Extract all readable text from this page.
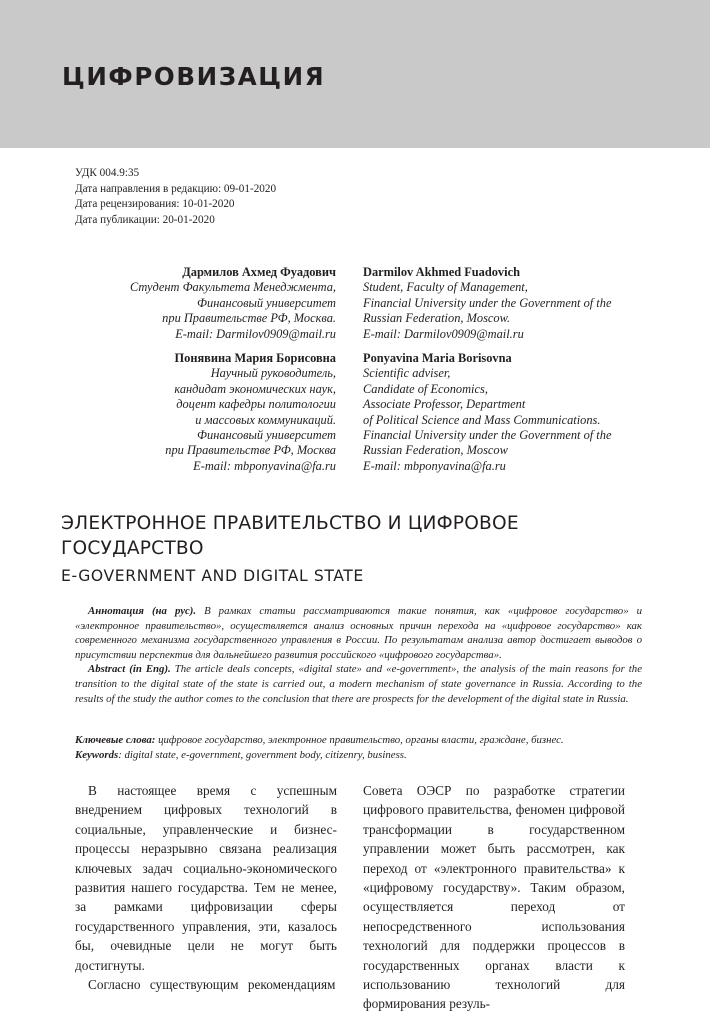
ЦИФРОВИЗАЦИЯ
УДК 004.9:35
Дата направления в редакцию: 09-01-2020
Дата рецензирования: 10-01-2020
Дата публикации: 20-01-2020
Дармилов Ахмед Фуадович
Студент Факультета Менеджмента,
Финансовый университет
при Правительстве РФ, Москва.
E-mail: Darmilov0909@mail.ru
Darmilov Akhmed Fuadovich
Student, Faculty of Management,
Financial University under the Government of the
Russian Federation, Moscow.
E-mail: Darmilov0909@mail.ru
Понявина Мария Борисовна
Научный руководитель,
кандидат экономических наук,
доцент кафедры политологии
и массовых коммуникаций.
Финансовый университет
при Правительстве РФ, Москва
E-mail: mbponyavina@fa.ru
Ponyavina Maria Borisovna
Scientific adviser,
Candidate of Economics,
Associate Professor, Department
of Political Science and Mass Communications.
Financial University under the Government of the
Russian Federation, Moscow
E-mail: mbponyavina@fa.ru
ЭЛЕКТРОННОЕ ПРАВИТЕЛЬСТВО И ЦИФРОВОЕ ГОСУДАРСТВО
E-GOVERNMENT AND DIGITAL STATE

Аннотация (на рус). В рамках статьи рассматриваются такие понятия, как «цифровое государство» и «электронное правительство», осуществляется анализ основных причин перехода на «цифровое государство» как современного механизма государственного управления в России. По результатам анализа автор достигает выводов о присутствии перспектив для дальнейшего развития российского «цифрового государства».

Abstract (in Eng). The article deals concepts, «digital state» and «e-government», the analysis of the main reasons for the transition to the digital state of the state is carried out, a modern mechanism of state governance in Russia. According to the results of the study the author comes to the conclusion that there are prospects for the development of the digital state in Russia.

Ключевые слова: цифровое государство, электронное правительство, органы власти, граждане, бизнес.

Keywords: digital state, e-government, government body, citizenry, business.

В настоящее время с успешным внедрением цифровых технологий в социальные, управленческие и бизнес-процессы неразрывно связана реализация ключевых задач социально-экономического развития нашего государства. Тем не менее, за рамками цифровизации сферы государственного управления, эти, казалось бы, очевидные цели не могут быть достигнуты.

Согласно существующим рекомендациям

Совета ОЭСР по разработке стратегии цифрового правительства, феномен цифровой трансформации в государственном управлении может быть рассмотрен, как переход от «электронного правительства» к «цифровому государству». Таким образом, осуществляется переход от непосредственного использования технологий для поддержки процессов в государственных органах власти к использованию технологий для формирования резуль-
